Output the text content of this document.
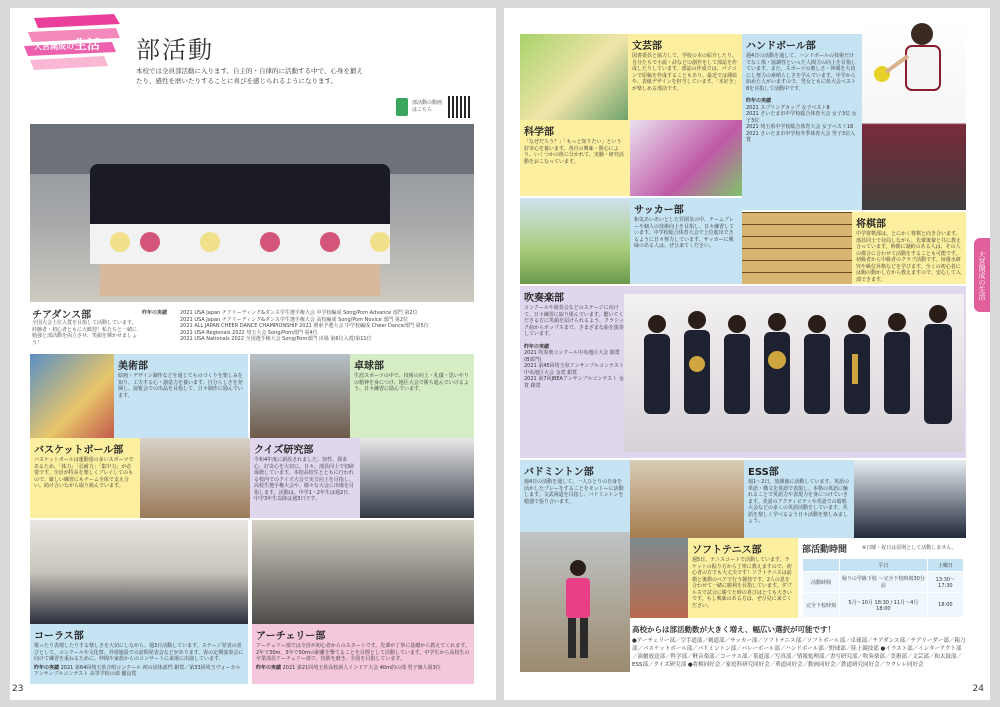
大宮開成の生活 部活動
本校では全員部活動に入ります。自主的・自律的に活動する中で、心身を鍛えたり、感性を磨いたりすることに喜びを感じられるようになります。
部活動の動画はこちら
チアダンス部
全国大会上位入賞を目指して活動しています。経験者・初心者ともに大歓迎！私たちと一緒に勉強と部活動を両立させ、笑顔を輝かせましょう！
昨年の実績	2021 USA Japan チアリーディング&ダンス学生選手権大会 中学校編成 Song/Pom Advance 部門 第2位
2021 USA Japan チアリーディング&ダンス学生選手権大会 高校編成 Song/Pom Novice 部門 第2位
2021 ALL JAPAN CHEER DANCE CHAMPIONSHIP 2021 関東予選大会 中学校編成 Cheer Dance部門 第5位
2021 USA Regionals 2022 埼玉大会 Song/Pom部門 第4位
2021 USA Nationals 2022 全国選手権大会 Song/Pom部門 出場 第6位入賞/第11位
美術部
絵画・デザイン制作などを通じてものづくりを楽しみを知り、工夫する心・創造力を養います。自分らしさを発揮し、展覧会での出品を目指して、日々制作に励んでいます。
卓球部
生涯スポーツの中で、技術の向上・礼儀・思いやりの精神を身につけ、地区大会で勝ち進んでいけるよう、日々練習に励んでいます。
バスケットボール部
バスケットボールは運動量の多いスポーツであるため、「体力」「忍耐力」「集中力」が必要です。全員が特長を楽しくプレイしてのもので、厳しい練習にもチーム全体で支え合い、助け合いながら取り組んでいます。
クイズ研究部
令和4年度に新設されました。知性、探求心、好奇心を大切に、日々、部員同士で切磋琢磨しています。本校高校生とともに行われる校内でのクイズ大会で実力向上を目指し、高校生選手権大会や、様々な大会に出場を目指します。活動は、中学1・2年生は週2日、中学3年生以降は週3日です。
コーラス部
歌ったり表現したりする楽しさを大切にしながら、週3日活動しています。ステージ発表の喜びとして、コンクールや文化祭、外部施設での訪問発表会などがあります。春の定期演奏会に向けて練習を重ねるために、仲間や家族からのコンサートに来場に出演しています。
昨年の実績 2021 第64回埼玉県合唱コンクール 初の団体部門 銀賞／第33回埼玉ヴォーカルアンサンブルコンテスト 高等学校の部 優良賞
アーチェリー部
アーチェリー部では全員が初心者からのスタートです。先輩が丁寧に基礎から教えてくれます。2年で30m、3年で50mの距離を撃てることを目標として活動しています。中学生から高校生の卒業部員アーチェリー部で、技術を磨き、全国を目指しています。
昨年の実績 2021 第21回埼玉県高校新人インドア大会 40m的の部 男子個人第3位
23
文芸部
図書委員と協力して、学校の本の紹介したり、自分たちで小説・詩などの創作をして部誌を作成したりしています。部誌の作成では、パソコンで原稿を作成することもあり、最近では挿絵や、表紙デザインを担当しています。「本好き」が楽しめる部活です。
ハンドボール部
週4日の活動を通して、ハンドボールの技術だけでなく体・協調性といった人間力の向上を目指しています。また、スポーツの楽しさ・仲間を大切にし努力の素晴らしさを学んでいます。中学から始めた人がいますので、男女ともに県大会ベスト8を目指して活動中です。
昨年の実績
2021 スプリングカップ 女子ベスト8
2021 さいたま市中学校総合体育大会 女子3位 女子3位
2021 埼玉県中学校総合体育大会 女子ベスト16
2021 さいたま市中学校冬季体育大会 男子3位入賞
科学部
「なぜだろう？」「もっと知りたい」という好奇心を養います。各自の興味・関心により、いくつかの班に分かれて、実験・研究活動をおこなっています。
サッカー部
和気あいあいとした雰囲気の中、チームプレーや個人の技術向上を目指し、日々練習しています。中学校総合体育大会で上位進出できるように日々努力しています。サッカーに興味のある人は、ぜひ来てください。
将棋部
中学将棋部は、とにかく将棋と向き合います。部員同士で対局しながら、先輩後輩と共に教え合っています。時間に制約のある人は、その人の都合に合わせて活動をすることも可能です。初級者から中級者のクラブ活動です。毎週水研究や級位昇格などを学びます。全くの初心者には駒の動かし方から教えますので、安心して入部できます。	大宮開成の生活
吹奏楽部
コンクールや演奏会などのステージに向けて、日々練習に取り組んでいます。聴いてくださる方に笑顔を届けられるよう、クラシック曲からポップスまで、さまざまな曲を演奏しています。
昨年の実績
2021 吹奏楽コンクール中央地区大会 銀賞(B部門)
2021 第45回埼玉県アンサンブルコンテスト中央地区大会 金賞 銀賞
2021 第7回JBEAアンサンブルコンテスト 金賞 銀賞
バドミントン部
週4日の活動を通して、一人ひとりの自身を活かしたプレーをすることをモットーに活動します。文武両道を目指し、バドミントンを勉強で張り合います。
ESS部
週1〜2日、放課後に活動しています。英語の単語・構文を英語で表現し、本格の英語に触れることで英語力や表現力を身につけていきます。英語のアクティビティや英語での暗唱大会などの多くの英語活動をしています。英語を楽しく学べるよう日々活動を楽しみましょう。
ソフトテニス部
週5日、テニスコートで活動しています。ラケットの振り方から丁寧に教えますので、初心者の方でも大丈夫です！ソフトテニスは前衛と後衛のペアで行う競技です。2人の息を合わせて一緒に勝利を目指しています。ダブルスで試合に勝てた時の喜びはとても大きいです。もし興味のある方は、ぜひ見に来てください。
部活動時間	※日曜・祝日は原則として活動しません。
	平日	土曜日
活動時間	帰りの学級下校 〜完全下校時刻30分前	13:30〜17:30
完全下校時刻	5月〜10月 18:30 / 11月〜4月 18:00	18:00
高校からは部活動数が大きく増え、幅広い選択が可能です！
●アーチェリー部／空手道部／剣道部／サッカー部／ソフトテニス部／ソフトボール部／卓球部／チアダンス部／チアリーダー部／箱刀部／バスケットボール部／バドミントン部／バレーボール部／ハンドボール部／野球部／陸上競技部 ●イラスト部／インターアクト部／演劇放送部／科学部／軽音楽部／コーラス部／茶道部／写真部／情報処理部／書写研究部／吹奏楽部／美術部／文芸部／和太鼓部／ESS部／クイズ研究部 ●将棋同好会／家庭科研究同好会／華道同好会／動画同好会／鉄道研究同好会／ウクレレ同好会
24
